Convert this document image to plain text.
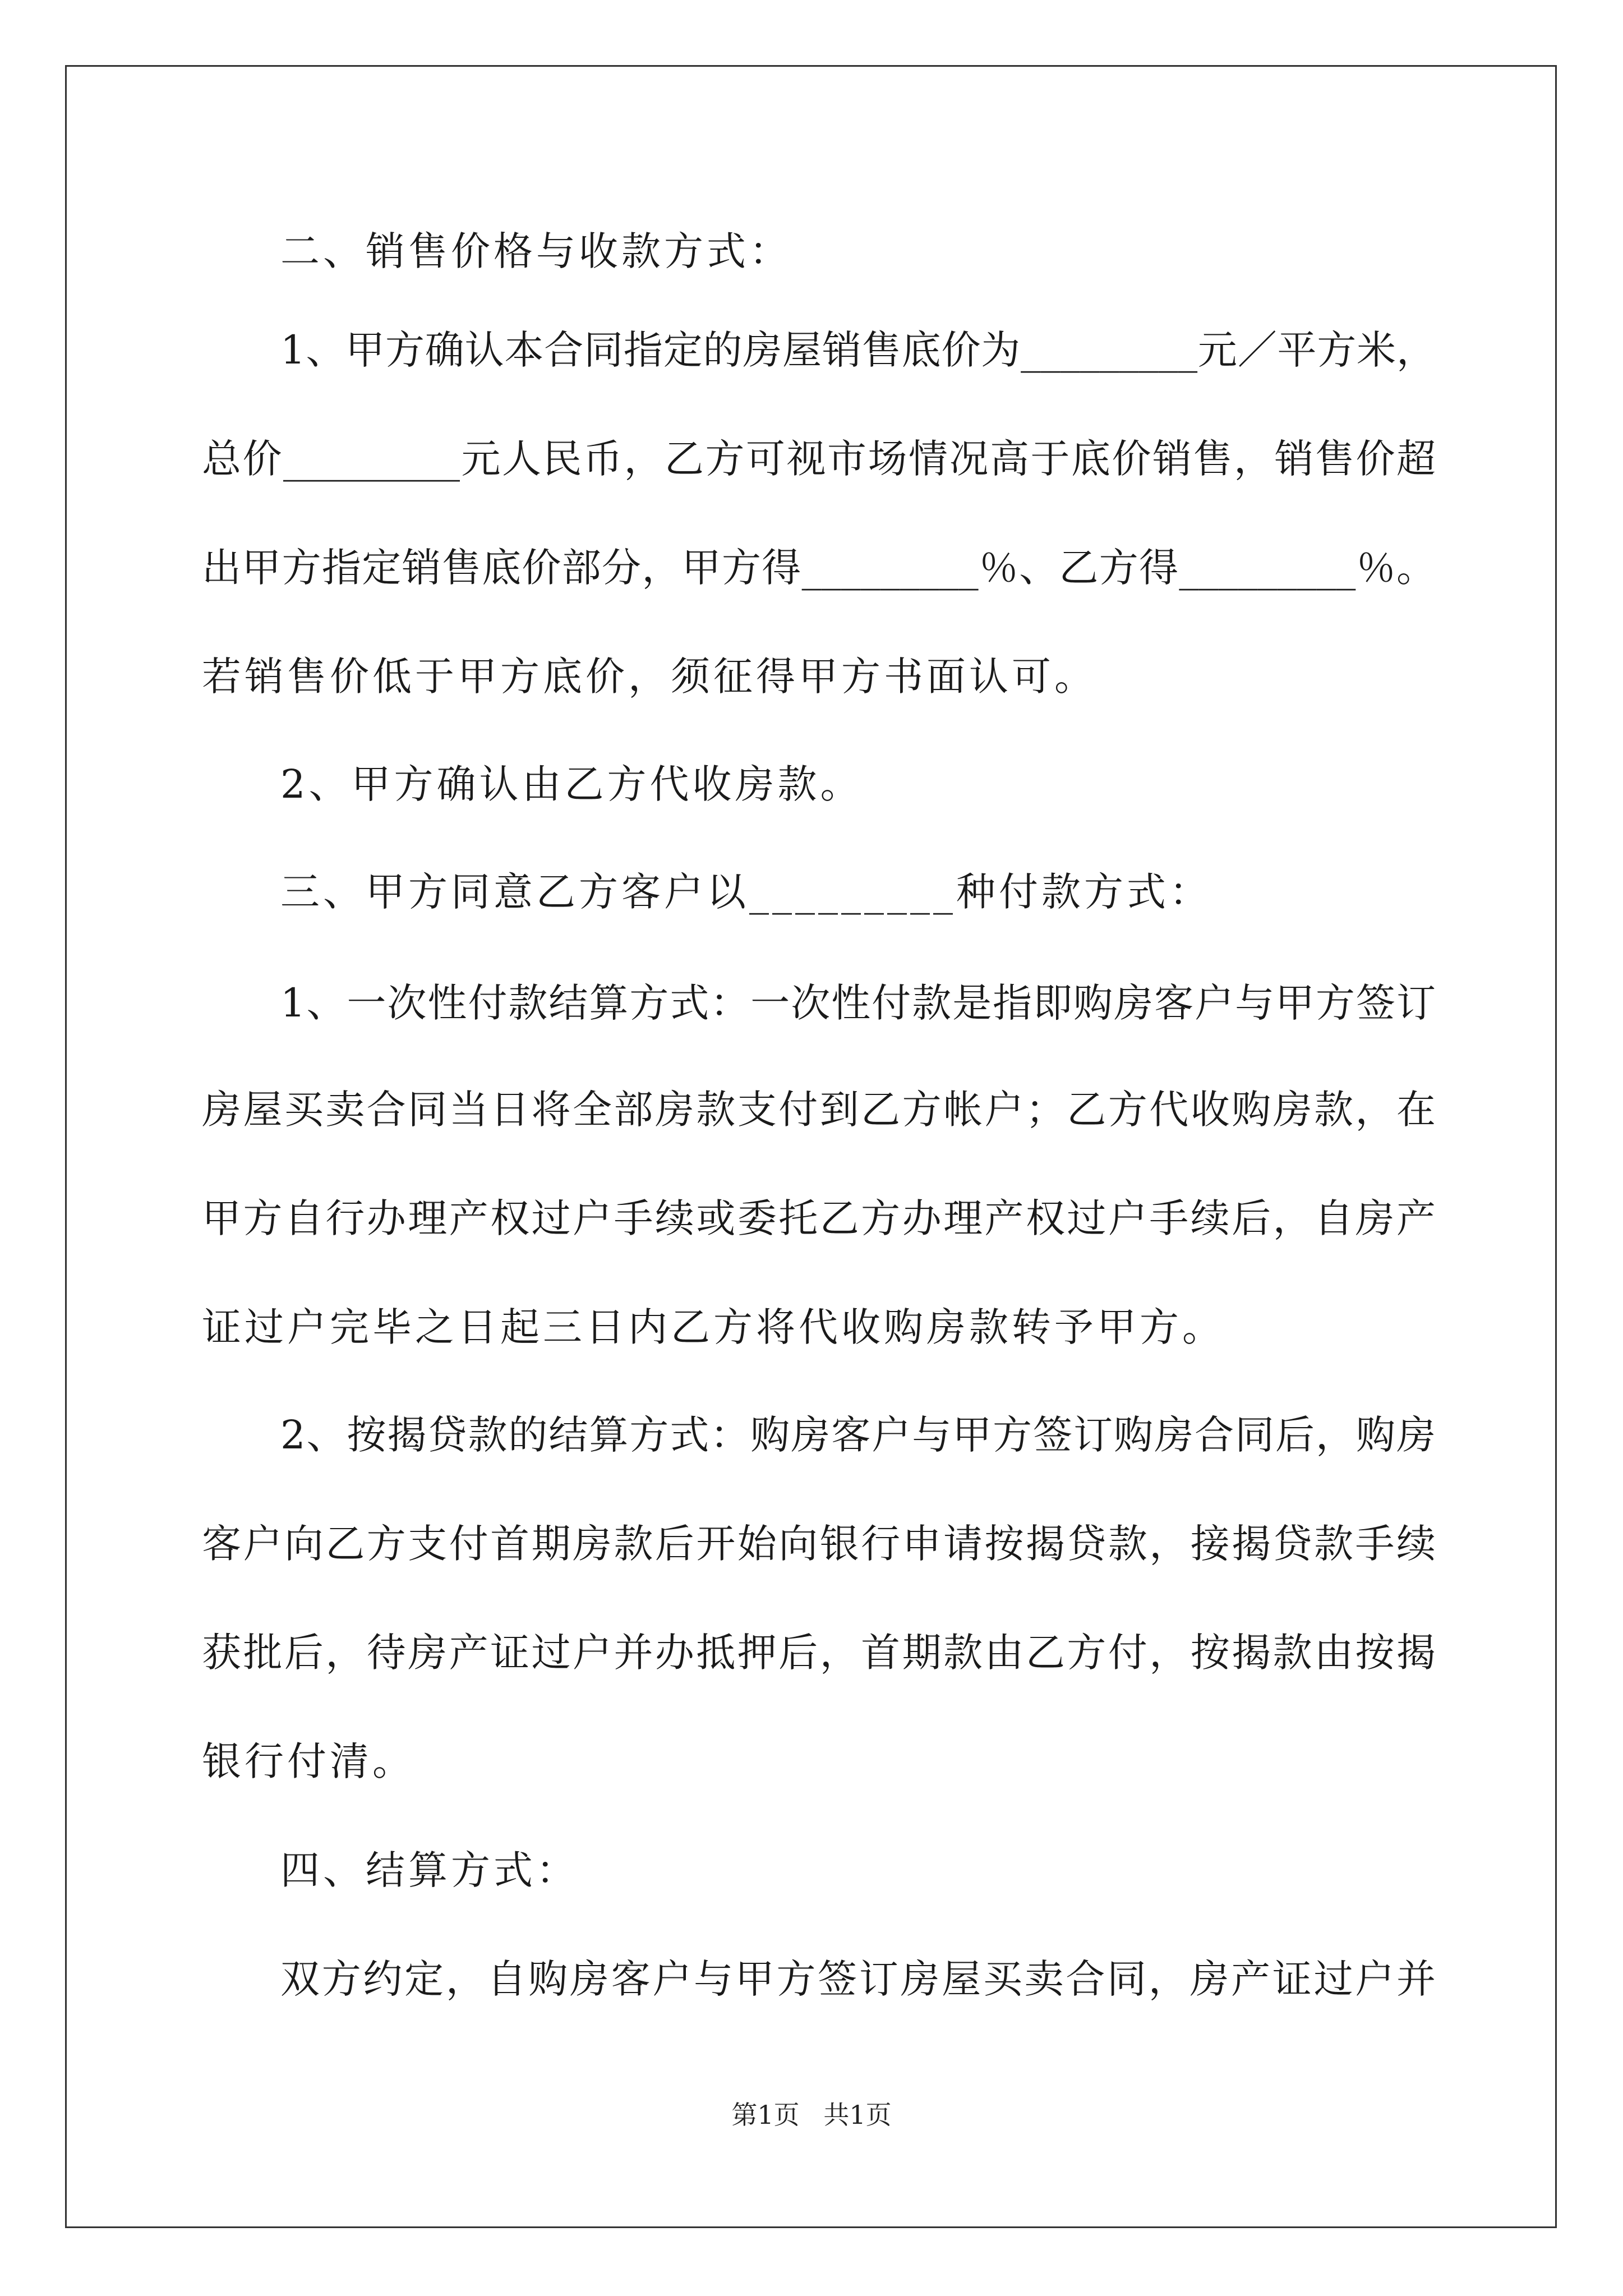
二、销售价格与收款方式：
1、甲方确认本合同指定的房屋销售底价为_________元／平方米，
总价_________元人民币，乙方可视市场情况高于底价销售，销售价超
出甲方指定销售底价部分，甲方得_________％、乙方得_________％。
若销售价低于甲方底价，须征得甲方书面认可。
2、甲方确认由乙方代收房款。
三、甲方同意乙方客户以_________种付款方式：
1、一次性付款结算方式：一次性付款是指即购房客户与甲方签订
房屋买卖合同当日将全部房款支付到乙方帐户；乙方代收购房款，在
甲方自行办理产权过户手续或委托乙方办理产权过户手续后，自房产
证过户完毕之日起三日内乙方将代收购房款转予甲方。
2、按揭贷款的结算方式：购房客户与甲方签订购房合同后，购房
客户向乙方支付首期房款后开始向银行申请按揭贷款，接揭贷款手续
获批后，待房产证过户并办抵押后，首期款由乙方付，按揭款由按揭
银行付清。
四、结算方式：
双方约定，自购房客户与甲方签订房屋买卖合同，房产证过户并
第1页 共1页
